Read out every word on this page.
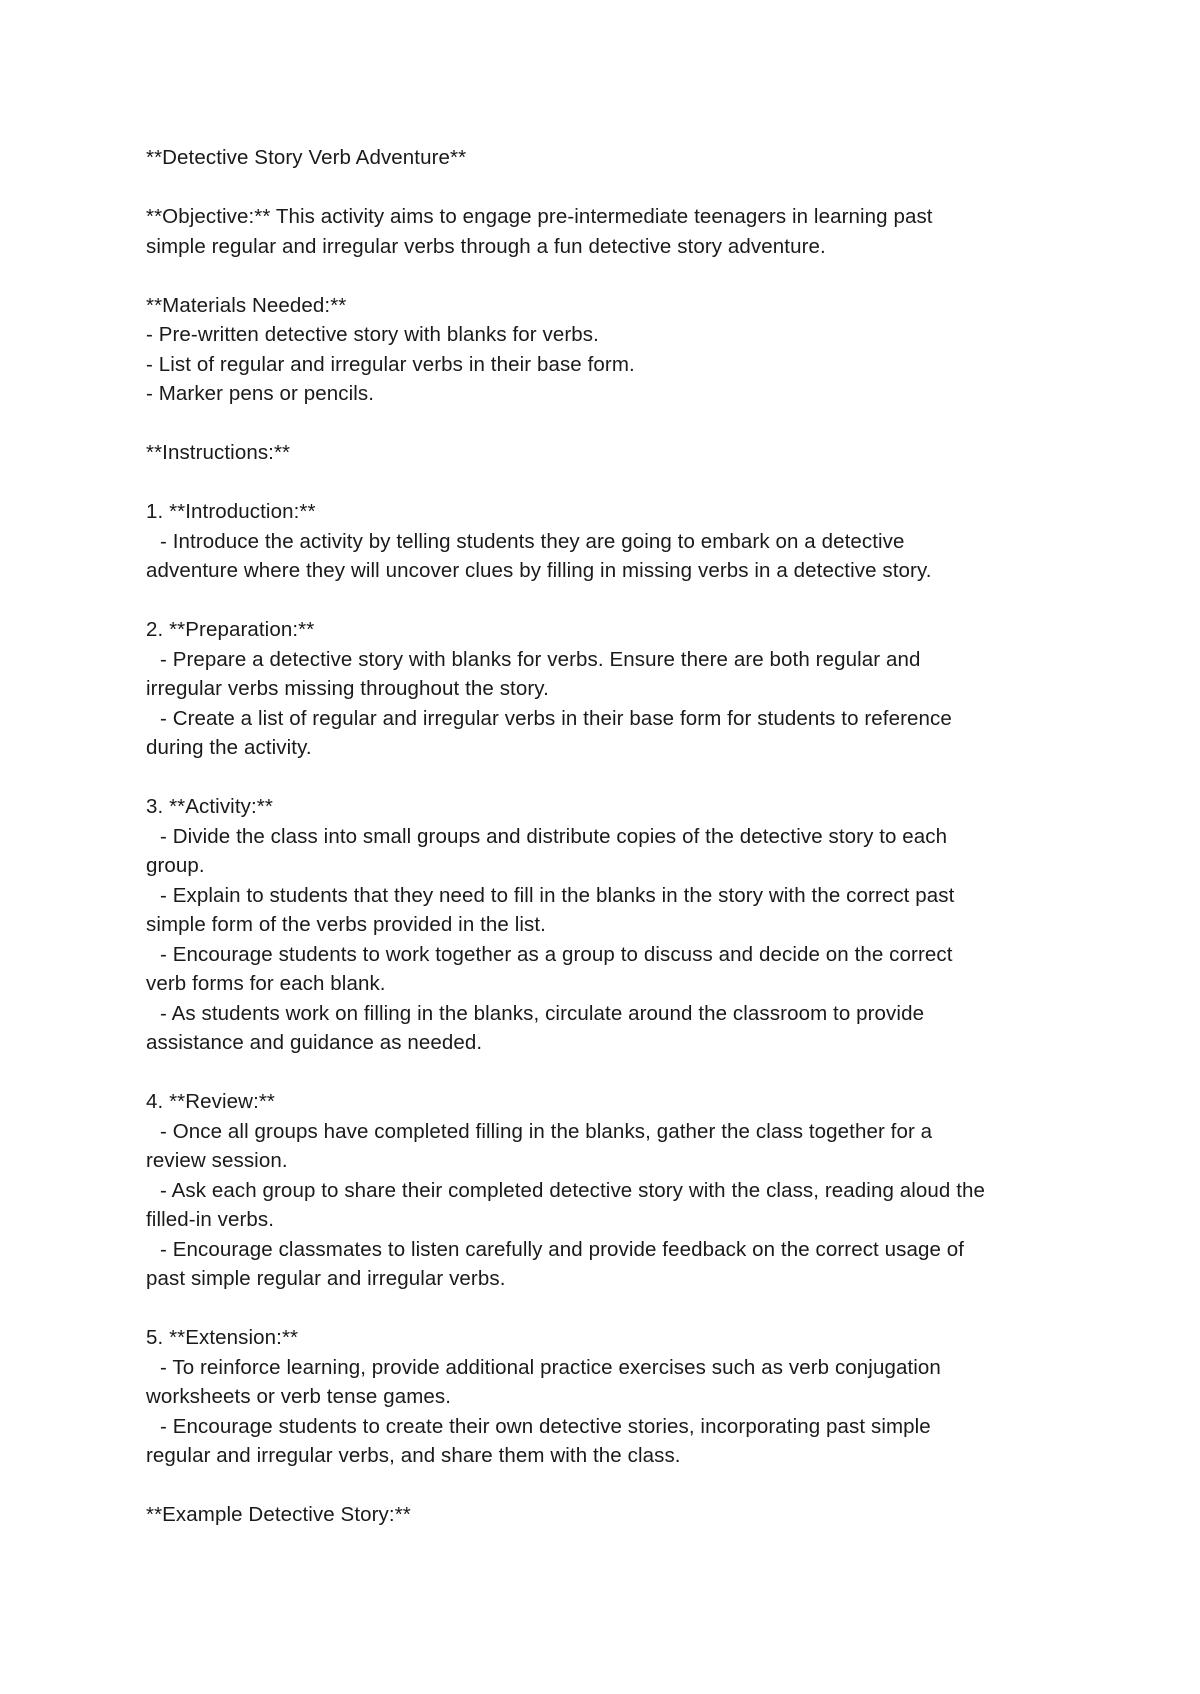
**Detective Story Verb Adventure**
**Objective:** This activity aims to engage pre-intermediate teenagers in learning past
simple regular and irregular verbs through a fun detective story adventure.
**Materials Needed:**
- Pre-written detective story with blanks for verbs.
- List of regular and irregular verbs in their base form.
- Marker pens or pencils.
**Instructions:**
1. **Introduction:**
- Introduce the activity by telling students they are going to embark on a detective
adventure where they will uncover clues by filling in missing verbs in a detective story.
2. **Preparation:**
- Prepare a detective story with blanks for verbs. Ensure there are both regular and
irregular verbs missing throughout the story.
- Create a list of regular and irregular verbs in their base form for students to reference
during the activity.
3. **Activity:**
- Divide the class into small groups and distribute copies of the detective story to each
group.
- Explain to students that they need to fill in the blanks in the story with the correct past
simple form of the verbs provided in the list.
- Encourage students to work together as a group to discuss and decide on the correct
verb forms for each blank.
- As students work on filling in the blanks, circulate around the classroom to provide
assistance and guidance as needed.
4. **Review:**
- Once all groups have completed filling in the blanks, gather the class together for a
review session.
- Ask each group to share their completed detective story with the class, reading aloud the
filled-in verbs.
- Encourage classmates to listen carefully and provide feedback on the correct usage of
past simple regular and irregular verbs.
5. **Extension:**
- To reinforce learning, provide additional practice exercises such as verb conjugation
worksheets or verb tense games.
- Encourage students to create their own detective stories, incorporating past simple
regular and irregular verbs, and share them with the class.
**Example Detective Story:**
